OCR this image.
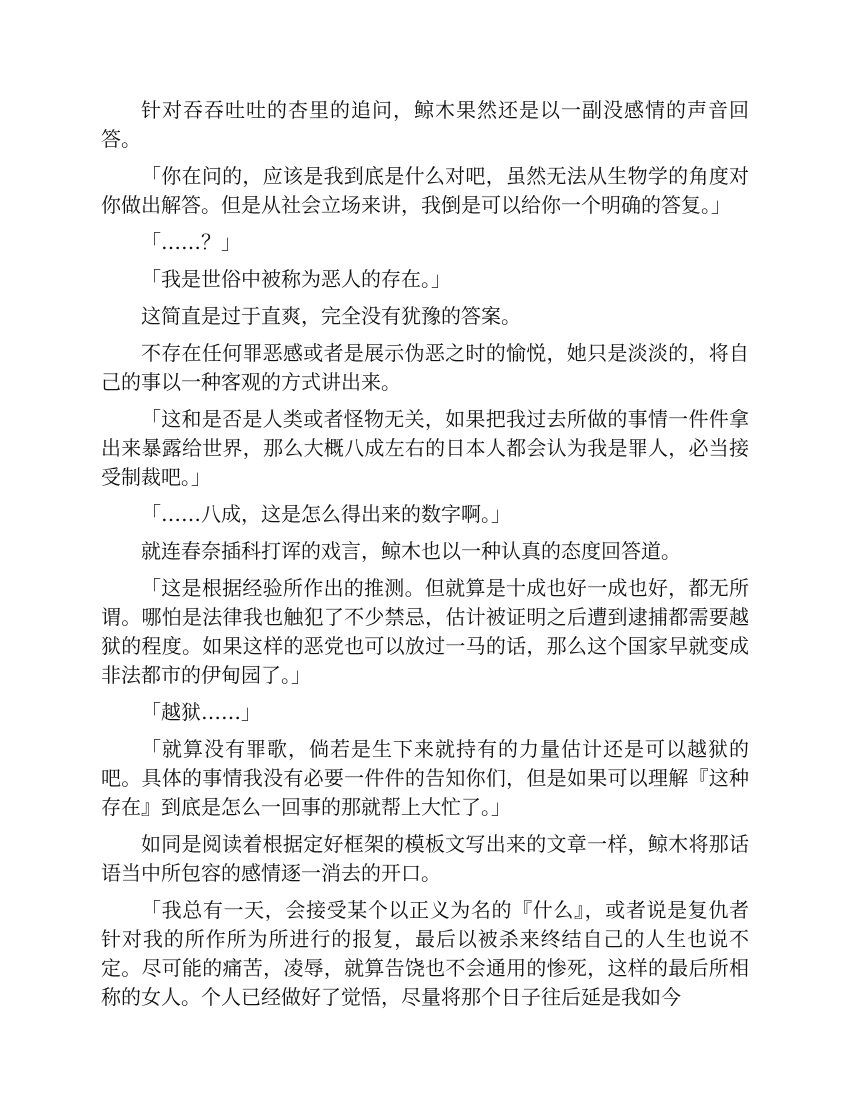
针对吞吞吐吐的杏里的追问，鲸木果然还是以一副没感情的声音回答。

「你在问的，应该是我到底是什么对吧，虽然无法从生物学的角度对你做出解答。但是从社会立场来讲，我倒是可以给你一个明确的答复。」

「……？」

「我是世俗中被称为恶人的存在。」

这简直是过于直爽，完全没有犹豫的答案。

不存在任何罪恶感或者是展示伪恶之时的愉悦，她只是淡淡的，将自己的事以一种客观的方式讲出来。

「这和是否是人类或者怪物无关，如果把我过去所做的事情一件件拿出来暴露给世界，那么大概八成左右的日本人都会认为我是罪人，必当接受制裁吧。」

「……八成，这是怎么得出来的数字啊。」

就连春奈插科打诨的戏言，鲸木也以一种认真的态度回答道。

「这是根据经验所作出的推测。但就算是十成也好一成也好，都无所谓。哪怕是法律我也触犯了不少禁忌，估计被证明之后遭到逮捕都需要越狱的程度。如果这样的恶党也可以放过一马的话，那么这个国家早就变成非法都市的伊甸园了。」

「越狱……」

「就算没有罪歌，倘若是生下来就持有的力量估计还是可以越狱的吧。具体的事情我没有必要一件件的告知你们，但是如果可以理解『这种存在』到底是怎么一回事的那就帮上大忙了。」

如同是阅读着根据定好框架的模板文写出来的文章一样，鲸木将那话语当中所包容的感情逐一消去的开口。

「我总有一天，会接受某个以正义为名的『什么』，或者说是复仇者针对我的所作所为所进行的报复，最后以被杀来终结自己的人生也说不定。尽可能的痛苦，凌辱，就算告饶也不会通用的惨死，这样的最后所相称的女人。个人已经做好了觉悟，尽量将那个日子往后延是我如今
